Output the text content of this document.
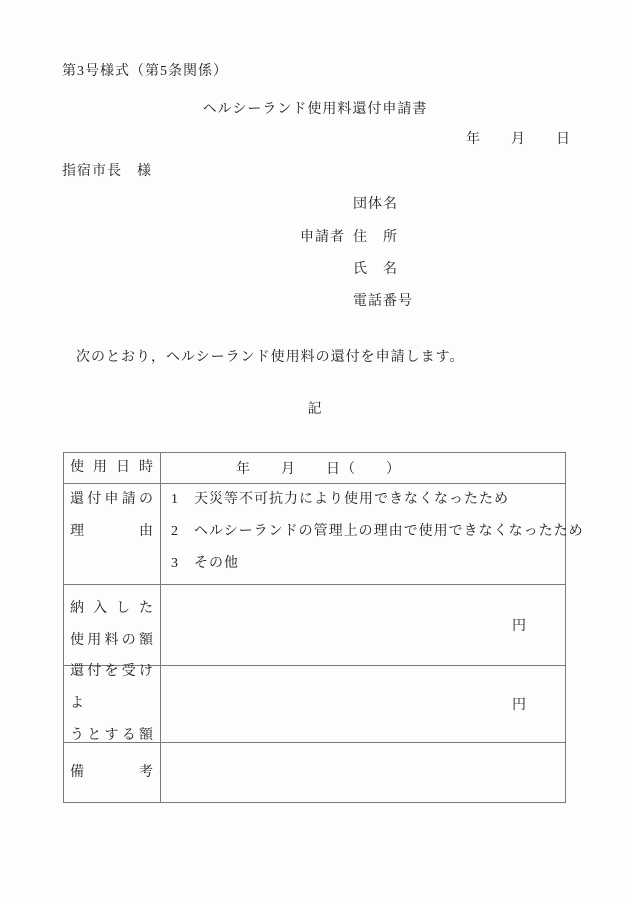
第3号様式（第5条関係）
ヘルシーランド使用料還付申請書
年　　月　　日
指宿市長　様
団体名
申請者 住　所
氏　名
電話番号
次のとおり，ヘルシーランド使用料の還付を申請します。
記
使用日時	年　　月　　日（　　）
還付申請の
理　　由
1　天災等不可抗力により使用できなくなったため
2　ヘルシーランドの管理上の理由で使用できなくなったため
3　その他
納入した
使用料の額
円
還付を受けよ
うとする額
円
備　　考
